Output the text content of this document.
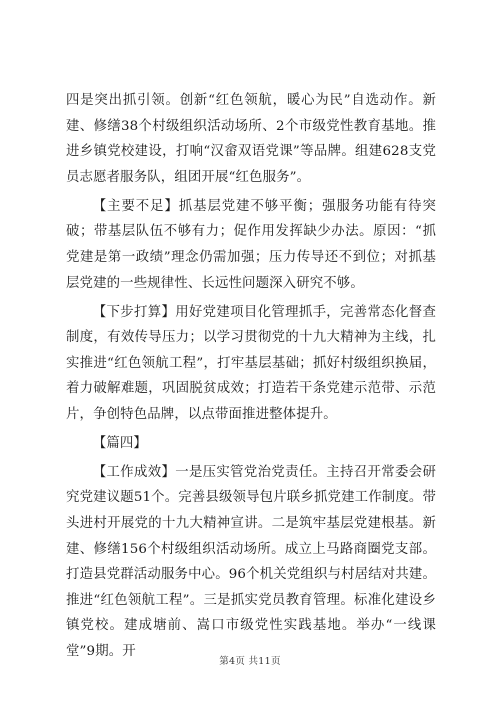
四是突出抓引领。创新“红色领航，暖心为民”自选动作。新建、修缮38个村级组织活动场所、2个市级党性教育基地。推进乡镇党校建设，打响“汉畲双语党课”等品牌。组建628支党员志愿者服务队，组团开展“红色服务”。

【主要不足】抓基层党建不够平衡；强服务功能有待突破；带基层队伍不够有力；促作用发挥缺少办法。原因：“抓党建是第一政绩”理念仍需加强；压力传导还不到位；对抓基层党建的一些规律性、长远性问题深入研究不够。

【下步打算】用好党建项目化管理抓手，完善常态化督查制度，有效传导压力；以学习贯彻党的十九大精神为主线，扎实推进“红色领航工程”，打牢基层基础；抓好村级组织换届，着力破解难题，巩固脱贫成效；打造若干条党建示范带、示范片，争创特色品牌，以点带面推进整体提升。

【篇四】

【工作成效】一是压实管党治党责任。主持召开常委会研究党建议题51个。完善县级领导包片联乡抓党建工作制度。带头进村开展党的十九大精神宣讲。二是筑牢基层党建根基。新建、修缮156个村级组织活动场所。成立上马路商圈党支部。打造县党群活动服务中心。96个机关党组织与村居结对共建。推进“红色领航工程”。三是抓实党员教育管理。标准化建设乡镇党校。建成塘前、嵩口市级党性实践基地。举办“一线课堂”9期。开

第4页 共11页
